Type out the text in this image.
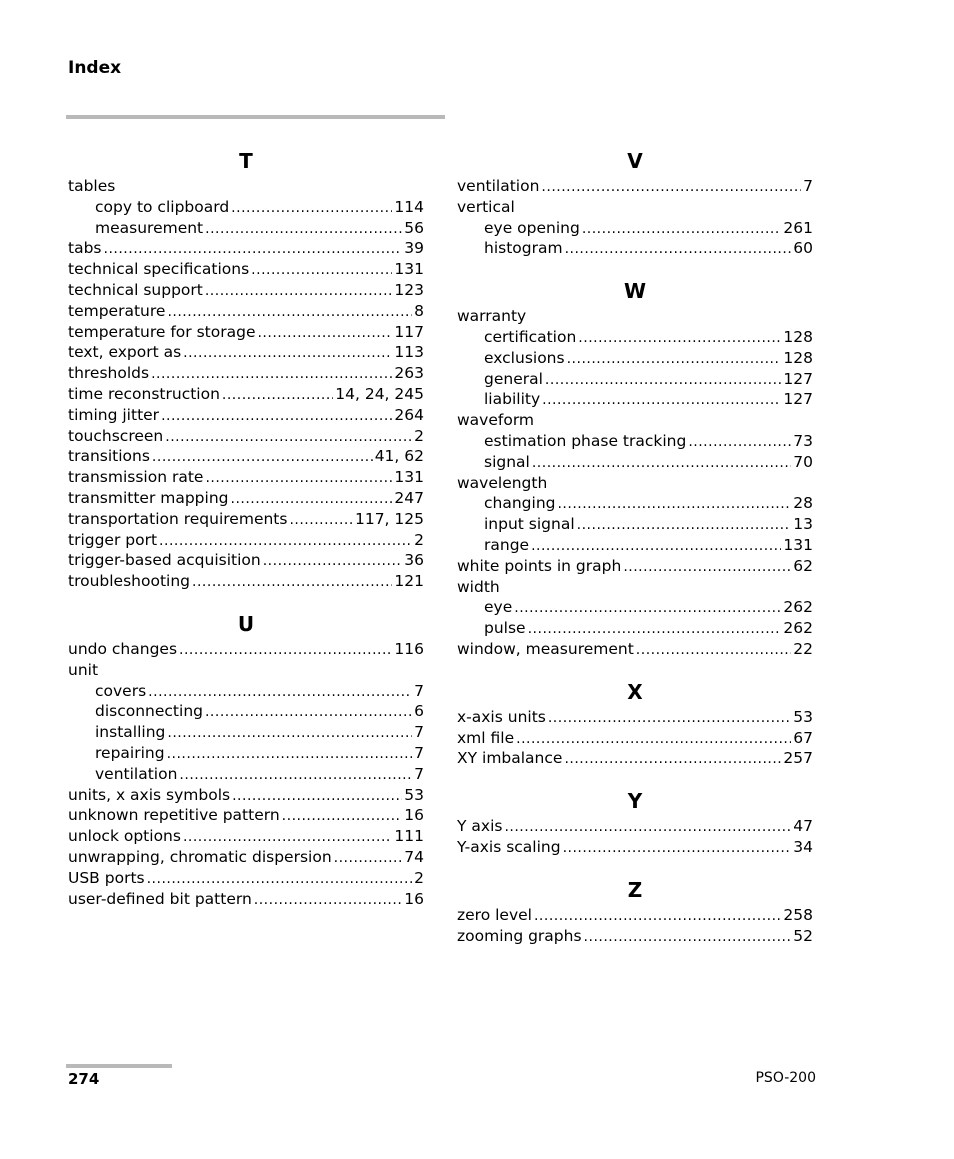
Index
T
tables
copy to clipboard .....	114
measurement .....	56
tabs .....	39
technical specifications .....	131
technical support .....	123
temperature .....	8
temperature for storage .....	117
text, export as .....	113
thresholds .....	263
time reconstruction .....	14, 24, 245
timing jitter .....	264
touchscreen .....	2
transitions .....	41, 62
transmission rate .....	131
transmitter mapping .....	247
transportation requirements .....	117, 125
trigger port .....	2
trigger-based acquisition .....	36
troubleshooting .....	121
U
undo changes .....	116
unit
covers .....	7
disconnecting .....	6
installing .....	7
repairing .....	7
ventilation .....	7
units, x axis symbols .....	53
unknown repetitive pattern .....	16
unlock options .....	111
unwrapping, chromatic dispersion .....	74
USB ports .....	2
user-defined bit pattern .....	16
V
ventilation .....	7
vertical
eye opening .....	261
histogram .....	60
W
warranty
certification .....	128
exclusions .....	128
general .....	127
liability .....	127
waveform
estimation phase tracking .....	73
signal .....	70
wavelength
changing .....	28
input signal .....	13
range .....	131
white points in graph .....	62
width
eye .....	262
pulse .....	262
window, measurement .....	22
X
x-axis units .....	53
xml file .....	67
XY imbalance .....	257
Y
Y axis .....	47
Y-axis scaling .....	34
Z
zero level .....	258
zooming graphs .....	52
274	PSO-200
